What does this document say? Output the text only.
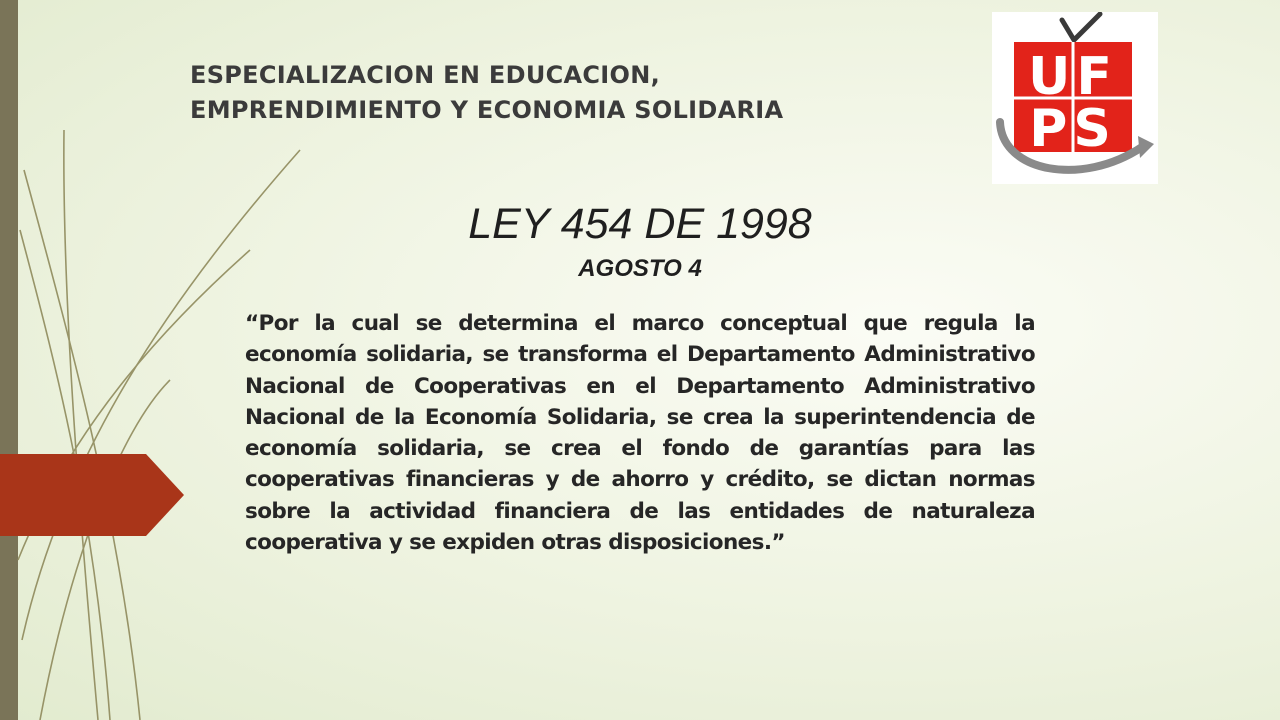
ESPECIALIZACION EN EDUCACION,
EMPRENDIMIENTO Y ECONOMIA SOLIDARIA
UF
PS
LEY 454 DE 1998
AGOSTO 4
“Por la cual se determina el marco conceptual que regula la economía solidaria, se transforma el Departamento Administrativo Nacional de Cooperativas en el Departamento Administrativo Nacional de la Economía Solidaria, se crea la superintendencia de economía solidaria, se crea el fondo de garantías para las cooperativas financieras y de ahorro y crédito, se dictan normas sobre la actividad financiera de las entidades de naturaleza cooperativa y se expiden otras disposiciones.”
